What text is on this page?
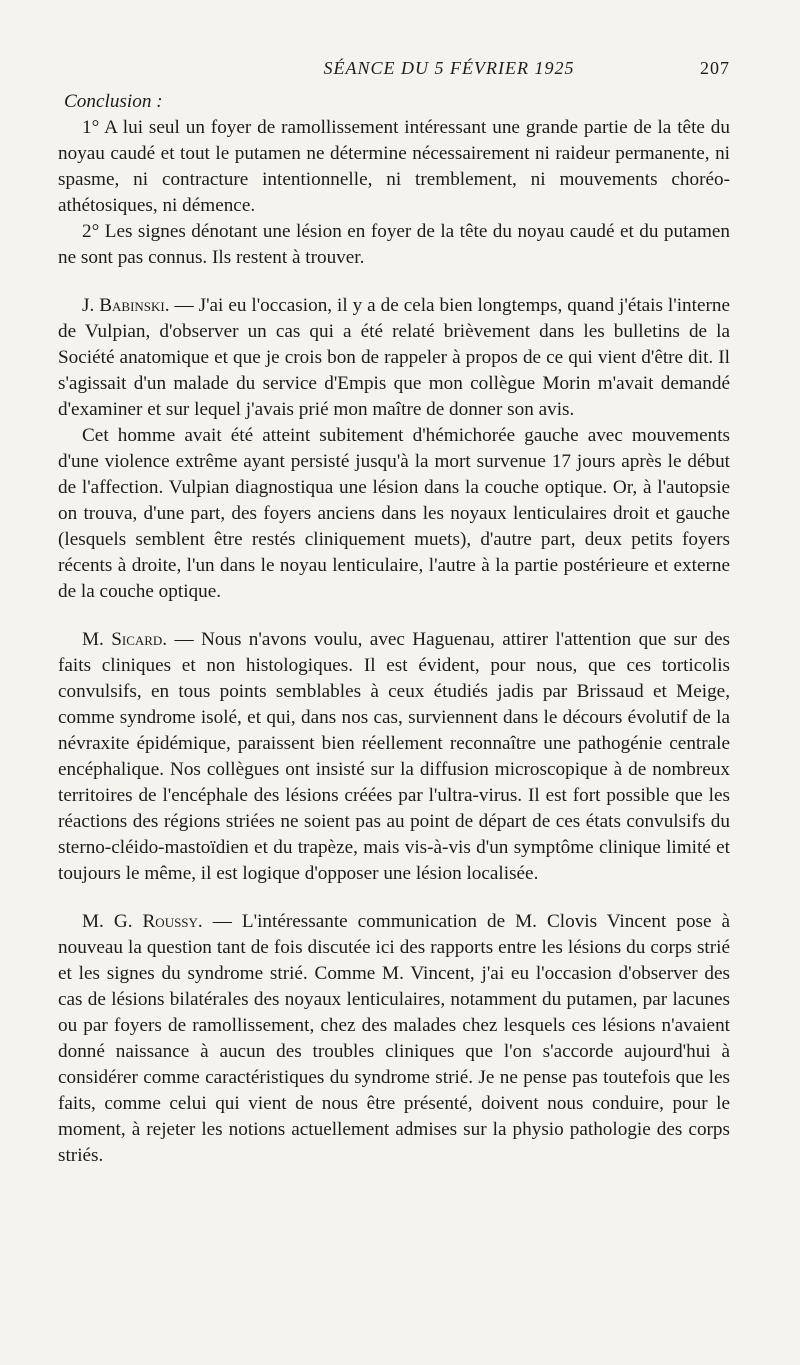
SÉANCE DU 5 FÉVRIER 1925	207

Conclusion :

1° A lui seul un foyer de ramollissement intéressant une grande partie de la tête du noyau caudé et tout le putamen ne détermine nécessairement ni raideur permanente, ni spasme, ni contracture intentionnelle, ni tremblement, ni mouvements choréo-athétosiques, ni démence.

2° Les signes dénotant une lésion en foyer de la tête du noyau caudé et du putamen ne sont pas connus. Ils restent à trouver.

J. Babinski. — J'ai eu l'occasion, il y a de cela bien longtemps, quand j'étais l'interne de Vulpian, d'observer un cas qui a été relaté brièvement dans les bulletins de la Société anatomique et que je crois bon de rappeler à propos de ce qui vient d'être dit. Il s'agissait d'un malade du service d'Empis que mon collègue Morin m'avait demandé d'examiner et sur lequel j'avais prié mon maître de donner son avis.

Cet homme avait été atteint subitement d'hémichorée gauche avec mouvements d'une violence extrême ayant persisté jusqu'à la mort survenue 17 jours après le début de l'affection. Vulpian diagnostiqua une lésion dans la couche optique. Or, à l'autopsie on trouva, d'une part, des foyers anciens dans les noyaux lenticulaires droit et gauche (lesquels semblent être restés cliniquement muets), d'autre part, deux petits foyers récents à droite, l'un dans le noyau lenticulaire, l'autre à la partie postérieure et externe de la couche optique.

M. Sicard. — Nous n'avons voulu, avec Haguenau, attirer l'attention que sur des faits cliniques et non histologiques. Il est évident, pour nous, que ces torticolis convulsifs, en tous points semblables à ceux étudiés jadis par Brissaud et Meige, comme syndrome isolé, et qui, dans nos cas, surviennent dans le décours évolutif de la névraxite épidémique, paraissent bien réellement reconnaître une pathogénie centrale encéphalique. Nos collègues ont insisté sur la diffusion microscopique à de nombreux territoires de l'encéphale des lésions créées par l'ultra-virus. Il est fort possible que les réactions des régions striées ne soient pas au point de départ de ces états convulsifs du sterno-cléido-mastoïdien et du trapèze, mais vis-à-vis d'un symptôme clinique limité et toujours le même, il est logique d'opposer une lésion localisée.

M. G. Roussy. — L'intéressante communication de M. Clovis Vincent pose à nouveau la question tant de fois discutée ici des rapports entre les lésions du corps strié et les signes du syndrome strié. Comme M. Vincent, j'ai eu l'occasion d'observer des cas de lésions bilatérales des noyaux lenticulaires, notamment du putamen, par lacunes ou par foyers de ramollissement, chez des malades chez lesquels ces lésions n'avaient donné naissance à aucun des troubles cliniques que l'on s'accorde aujourd'hui à considérer comme caractéristiques du syndrome strié. Je ne pense pas toutefois que les faits, comme celui qui vient de nous être présenté, doivent nous conduire, pour le moment, à rejeter les notions actuellement admises sur la physio pathologie des corps striés.
